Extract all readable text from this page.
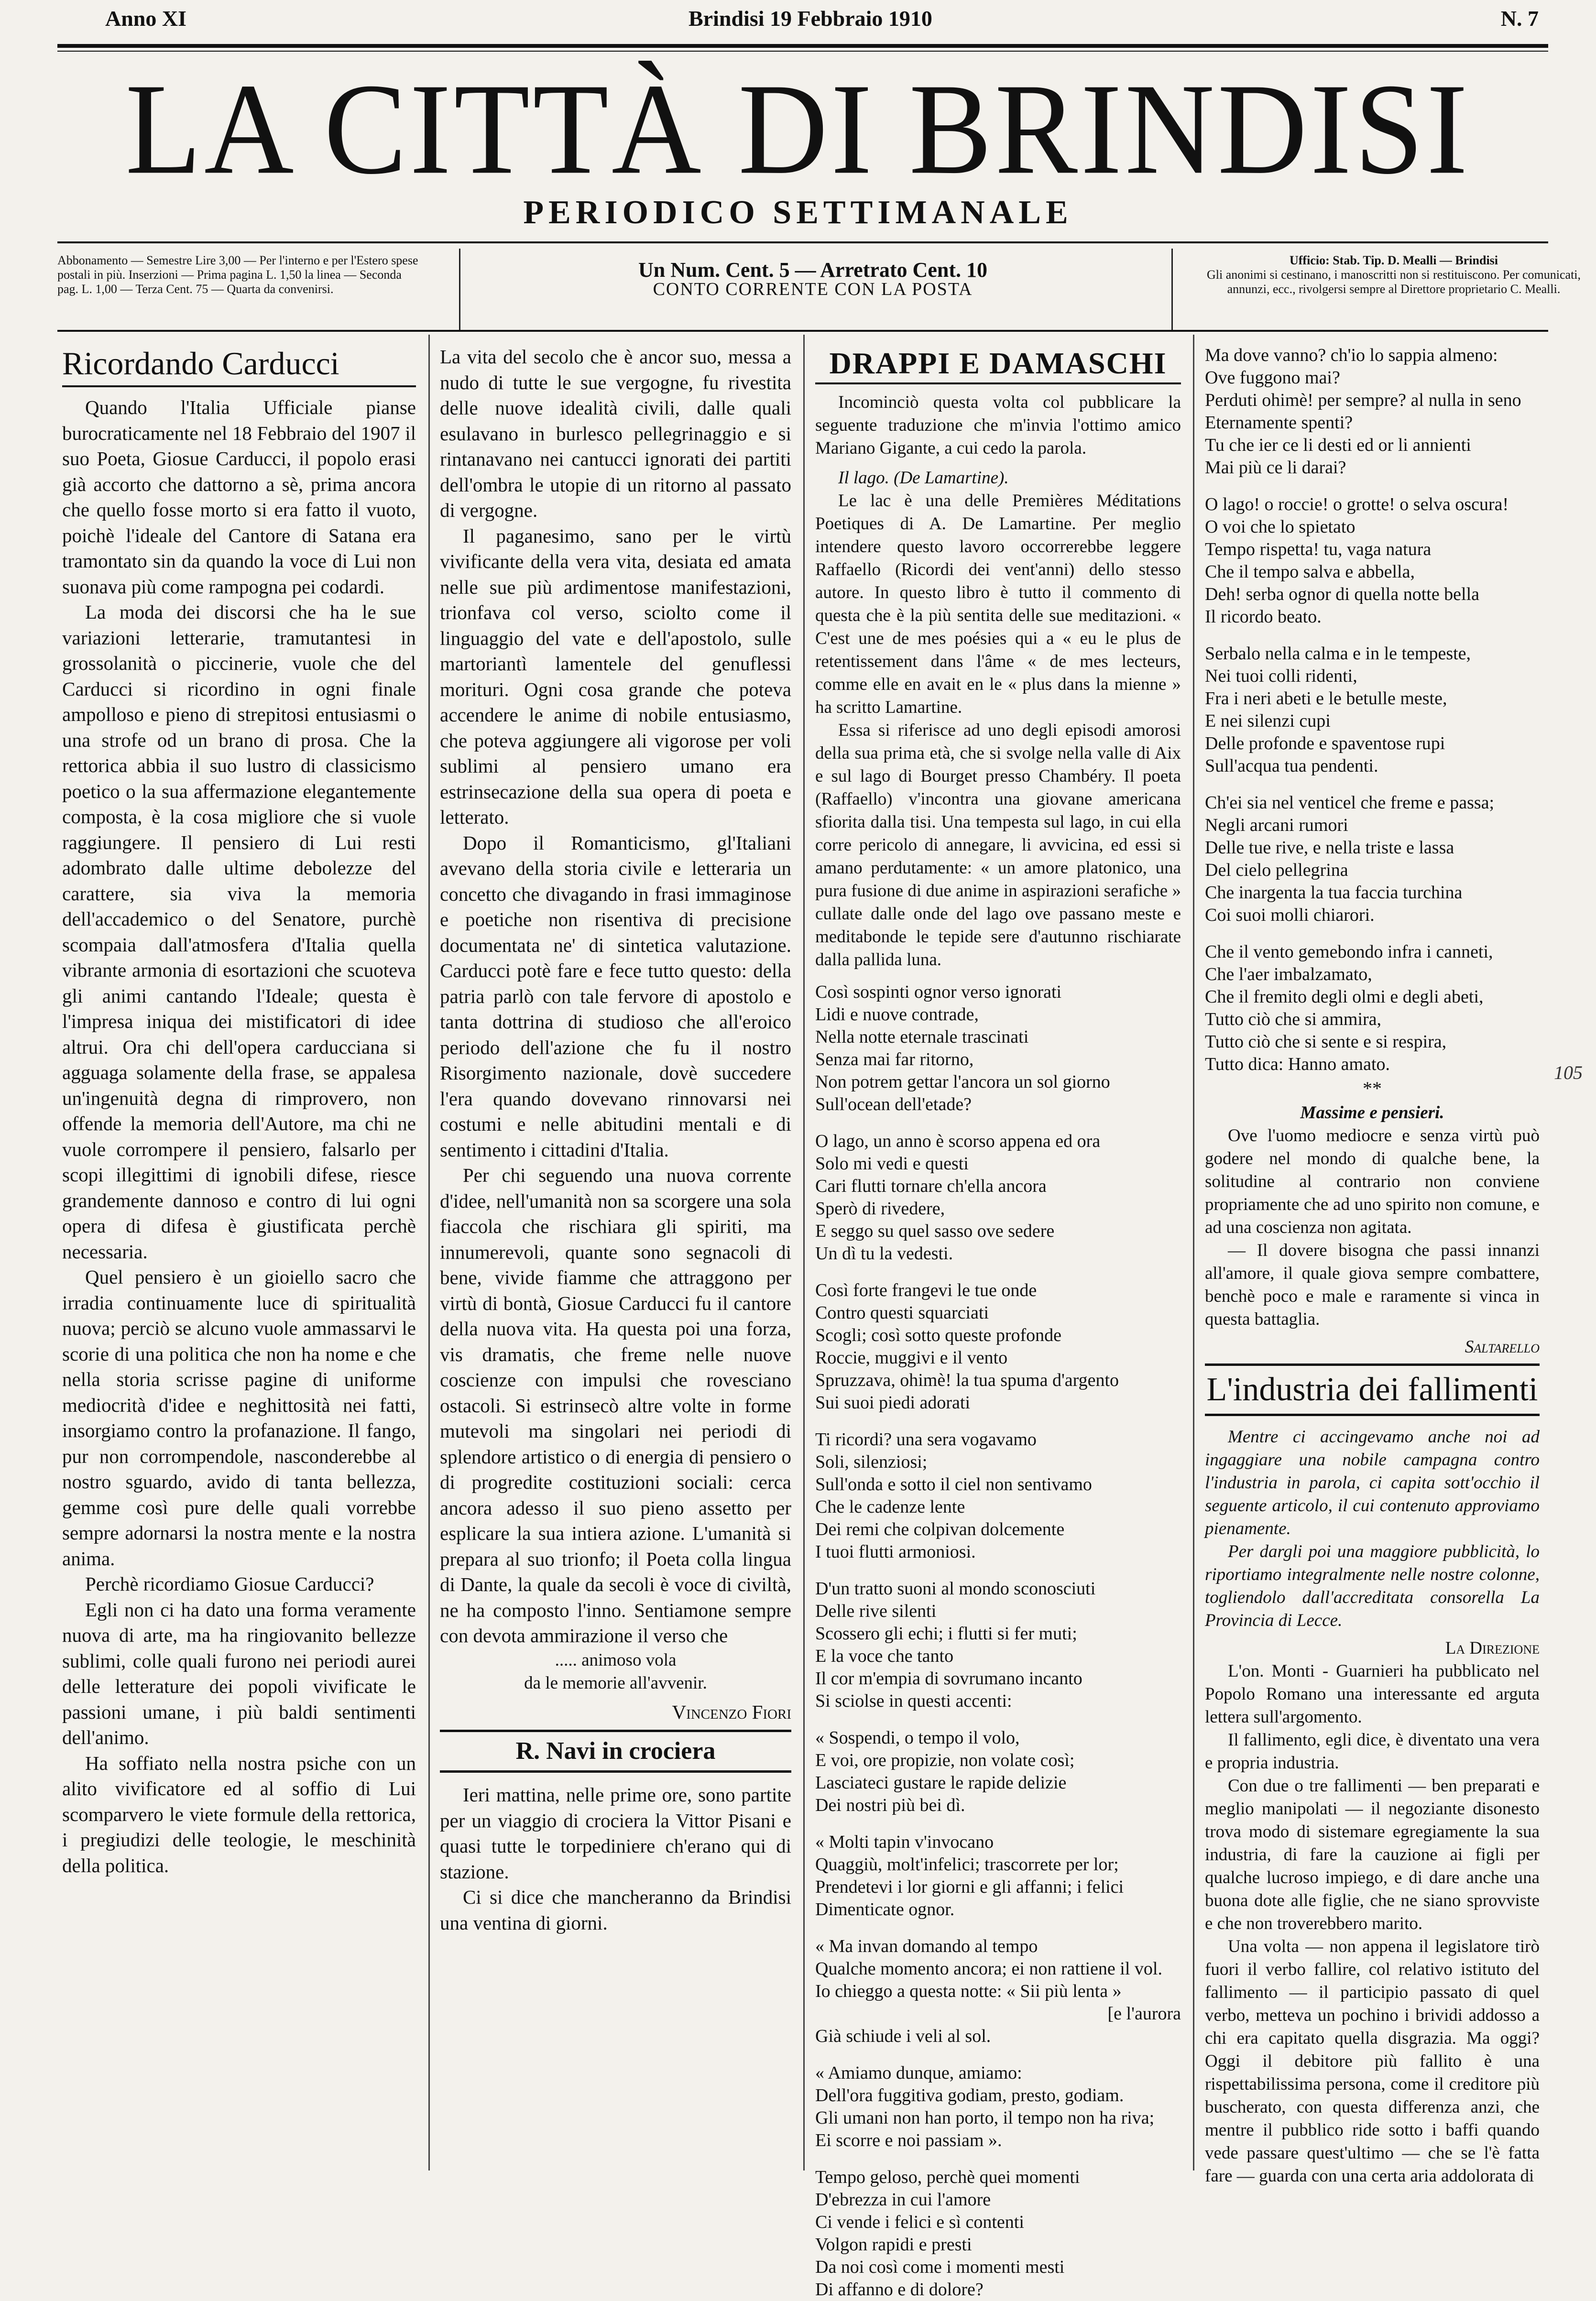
Anno XI	Brindisi 19 Febbraio 1910	N. 7
LA CITTÀ DI BRINDISI
PERIODICO SETTIMANALE
Abbonamento — Semestre Lire 3,00 — Per l'interno e per l'Estero spese postali in più. Inserzioni — Prima pagina L. 1,50 la linea — Seconda pag. L. 1,00 — Terza Cent. 75 — Quarta da convenirsi.
Un Num. Cent. 5 — Arretrato Cent. 10
CONTO CORRENTE CON LA POSTA
Ufficio: Stab. Tip. D. Mealli — Brindisi
Gli anonimi si cestinano, i manoscritti non si restituiscono. Per comunicati, annunzi, ecc., rivolgersi sempre al Direttore proprietario C. Mealli.
Ricordando Carducci

Quando l'Italia Ufficiale pianse burocraticamente nel 18 Febbraio del 1907 il suo Poeta, Giosue Carducci, il popolo erasi già accorto che dattorno a sè, prima ancora che quello fosse morto si era fatto il vuoto, poichè l'ideale del Cantore di Satana era tramontato sin da quando la voce di Lui non suonava più come rampogna pei codardi.

La moda dei discorsi che ha le sue variazioni letterarie, tramutantesi in grossolanità o piccinerie, vuole che del Carducci si ricordino in ogni finale ampolloso e pieno di strepitosi entusiasmi o una strofe od un brano di prosa. Che la rettorica abbia il suo lustro di classicismo poetico o la sua affermazione elegantemente composta, è la cosa migliore che si vuole raggiungere. Il pensiero di Lui resti adombrato dalle ultime debolezze del carattere, sia viva la memoria dell'accademico o del Senatore, purchè scompaia dall'atmosfera d'Italia quella vibrante armonia di esortazioni che scuoteva gli animi cantando l'Ideale; questa è l'impresa iniqua dei mistificatori di idee altrui. Ora chi dell'opera carducciana si agguaga solamente della frase, se appalesa un'ingenuità degna di rimprovero, non offende la memoria dell'Autore, ma chi ne vuole corrompere il pensiero, falsarlo per scopi illegittimi di ignobili difese, riesce grandemente dannoso e contro di lui ogni opera di difesa è giustificata perchè necessaria.

Quel pensiero è un gioiello sacro che irradia continuamente luce di spiritualità nuova; perciò se alcuno vuole ammassarvi le scorie di una politica che non ha nome e che nella storia scrisse pagine di uniforme mediocrità d'idee e neghittosità nei fatti, insorgiamo contro la profanazione. Il fango, pur non corrompendole, nasconderebbe al nostro sguardo, avido di tanta bellezza, gemme così pure delle quali vorrebbe sempre adornarsi la nostra mente e la nostra anima.

Perchè ricordiamo Giosue Carducci?

Egli non ci ha dato una forma veramente nuova di arte, ma ha ringiovanito bellezze sublimi, colle quali furono nei periodi aurei delle letterature dei popoli vivificate le passioni umane, i più baldi sentimenti dell'animo.

Ha soffiato nella nostra psiche con un alito vivificatore ed al soffio di Lui scomparvero le viete formule della rettorica, i pregiudizi delle teologie, le meschinità della politica.

La vita del secolo che è ancor suo, messa a nudo di tutte le sue vergogne, fu rivestita delle nuove idealità civili, dalle quali esulavano in burlesco pellegrinaggio e si rintanavano nei cantucci ignorati dei partiti dell'ombra le utopie di un ritorno al passato di vergogne.

Il paganesimo, sano per le virtù vivificante della vera vita, desiata ed amata nelle sue più ardimentose manifestazioni, trionfava col verso, sciolto come il linguaggio del vate e dell'apostolo, sulle martoriantì lamentele del genuflessi morituri. Ogni cosa grande che poteva accendere le anime di nobile entusiasmo, che poteva aggiungere ali vigorose per voli sublimi al pensiero umano era estrinsecazione della sua opera di poeta e letterato.

Dopo il Romanticismo, gl'Italiani avevano della storia civile e letteraria un concetto che divagando in frasi immaginose e poetiche non risentiva di precisione documentata ne' di sintetica valutazione. Carducci potè fare e fece tutto questo: della patria parlò con tale fervore di apostolo e tanta dottrina di studioso che all'eroico periodo dell'azione che fu il nostro Risorgimento nazionale, dovè succedere l'era quando dovevano rinnovarsi nei costumi e nelle abitudini mentali e di sentimento i cittadini d'Italia.

Per chi seguendo una nuova corrente d'idee, nell'umanità non sa scorgere una sola fiaccola che rischiara gli spiriti, ma innumerevoli, quante sono segnacoli di bene, vivide fiamme che attraggono per virtù di bontà, Giosue Carducci fu il cantore della nuova vita. Ha questa poi una forza, vis dramatis, che freme nelle nuove coscienze con impulsi che rovesciano ostacoli. Si estrinsecò altre volte in forme mutevoli ma singolari nei periodi di splendore artistico o di energia di pensiero o di progredite costituzioni sociali: cerca ancora adesso il suo pieno assetto per esplicare la sua intiera azione. L'umanità si prepara al suo trionfo; il Poeta colla lingua di Dante, la quale da secoli è voce di civiltà, ne ha composto l'inno. Sentiamone sempre con devota ammirazione il verso che

..... animoso vola

da le memorie all'avvenir.

Vincenzo Fiori
R. Navi in crociera

Ieri mattina, nelle prime ore, sono partite per un viaggio di crociera la Vittor Pisani e quasi tutte le torpediniere ch'erano qui di stazione.

Ci si dice che mancheranno da Brindisi una ventina di giorni.

DRAPPI E DAMASCHI

Incominciò questa volta col pubblicare la seguente traduzione che m'invia l'ottimo amico Mariano Gigante, a cui cedo la parola.

Il lago. (De Lamartine).

Le lac è una delle Premières Méditations Poetiques di A. De Lamartine. Per meglio intendere questo lavoro occorrerebbe leggere Raffaello (Ricordi dei vent'anni) dello stesso autore. In questo libro è tutto il commento di questa che è la più sentita delle sue meditazioni. « C'est une de mes poésies qui a « eu le plus de retentissement dans l'âme « de mes lecteurs, comme elle en avait en le « plus dans la mienne » ha scritto Lamartine.

Essa si riferisce ad uno degli episodi amorosi della sua prima età, che si svolge nella valle di Aix e sul lago di Bourget presso Chambéry. Il poeta (Raffaello) v'incontra una giovane americana sfiorita dalla tisi. Una tempesta sul lago, in cui ella corre pericolo di annegare, li avvicina, ed essi si amano perdutamente: « un amore platonico, una pura fusione di due anime in aspirazioni serafiche » cullate dalle onde del lago ove passano meste e meditabonde le tepide sere d'autunno rischiarate dalla pallida luna.

Così sospinti ognor verso ignorati

Lidi e nuove contrade,

Nella notte eternale trascinati

Senza mai far ritorno,

Non potrem gettar l'ancora un sol giorno

Sull'ocean dell'etade?

O lago, un anno è scorso appena ed ora

Solo mi vedi e questi

Cari flutti tornare ch'ella ancora

Sperò di rivedere,

E seggo su quel sasso ove sedere

Un dì tu la vedesti.

Così forte frangevi le tue onde

Contro questi squarciati

Scogli; così sotto queste profonde

Roccie, muggivi e il vento

Spruzzava, ohimè! la tua spuma d'argento

Sui suoi piedi adorati

Ti ricordi? una sera vogavamo

Soli, silenziosi;

Sull'onda e sotto il ciel non sentivamo

Che le cadenze lente

Dei remi che colpivan dolcemente

I tuoi flutti armoniosi.

D'un tratto suoni al mondo sconosciuti

Delle rive silenti

Scossero gli echi; i flutti si fer muti;

E la voce che tanto

Il cor m'empia di sovrumano incanto

Si sciolse in questi accenti:

« Sospendi, o tempo il volo,

E voi, ore propizie, non volate così;

Lasciateci gustare le rapide delizie

Dei nostri più bei dì.

« Molti tapin v'invocano

Quaggiù, molt'infelici; trascorrete per lor;

Prendetevi i lor giorni e gli affanni; i felici

Dimenticate ognor.

« Ma invan domando al tempo

Qualche momento ancora; ei non rattiene il vol.

Io chieggo a questa notte: « Sii più lenta »

[e l'aurora

Già schiude i veli al sol.

« Amiamo dunque, amiamo:

Dell'ora fuggitiva godiam, presto, godiam.

Gli umani non han porto, il tempo non ha riva;

Ei scorre e noi passiam ».

Tempo geloso, perchè quei momenti

D'ebrezza in cui l'amore

Ci vende i felici e sì contenti

Volgon rapidi e presti

Da noi così come i momenti mesti

Di affanno e di dolore?

Ma dove vanno? ch'io lo sappia almeno:

Ove fuggono mai?

Perduti ohimè! per sempre? al nulla in seno

Eternamente spenti?

Tu che ier ce li desti ed or li annienti

Mai più ce li darai?

O lago! o roccie! o grotte! o selva oscura!

O voi che lo spietato

Tempo rispetta! tu, vaga natura

Che il tempo salva e abbella,

Deh! serba ognor di quella notte bella

Il ricordo beato.

Serbalo nella calma e in le tempeste,

Nei tuoi colli ridenti,

Fra i neri abeti e le betulle meste,

E nei silenzi cupi

Delle profonde e spaventose rupi

Sull'acqua tua pendenti.

Ch'ei sia nel venticel che freme e passa;

Negli arcani rumori

Delle tue rive, e nella triste e lassa

Del cielo pellegrina

Che inargenta la tua faccia turchina

Coi suoi molli chiarori.

Che il vento gemebondo infra i canneti,

Che l'aer imbalzamato,

Che il fremito degli olmi e degli abeti,

Tutto ciò che si ammira,

Tutto ciò che si sente e si respira,

Tutto dica: Hanno amato.

**

Massime e pensieri.

Ove l'uomo mediocre e senza virtù può godere nel mondo di qualche bene, la solitudine al contrario non conviene propriamente che ad uno spirito non comune, e ad una coscienza non agitata.

— Il dovere bisogna che passi innanzi all'amore, il quale giova sempre combattere, benchè poco e male e raramente si vinca in questa battaglia.

Saltarello
L'industria dei fallimenti

Mentre ci accingevamo anche noi ad ingaggiare una nobile campagna contro l'industria in parola, ci capita sott'occhio il seguente articolo, il cui contenuto approviamo pienamente.

Per dargli poi una maggiore pubblicità, lo riportiamo integralmente nelle nostre colonne, togliendolo dall'accreditata consorella La Provincia di Lecce.

La Direzione

L'on. Monti - Guarnieri ha pubblicato nel Popolo Romano una interessante ed arguta lettera sull'argomento.

Il fallimento, egli dice, è diventato una vera e propria industria.

Con due o tre fallimenti — ben preparati e meglio manipolati — il negoziante disonesto trova modo di sistemare egregiamente la sua industria, di fare la cauzione ai figli per qualche lucroso impiego, e di dare anche una buona dote alle figlie, che ne siano sprovviste e che non troverebbero marito.

Una volta — non appena il legislatore tirò fuori il verbo fallire, col relativo istituto del fallimento — il participio passato di quel verbo, metteva un pochino i brividi addosso a chi era capitato quella disgrazia. Ma oggi? Oggi il debitore più fallito è una rispettabilissima persona, come il creditore più buscherato, con questa differenza anzi, che mentre il pubblico ride sotto i baffi quando vede passare quest'ultimo — che se l'è fatta fare — guarda con una certa aria addolorata di

105
